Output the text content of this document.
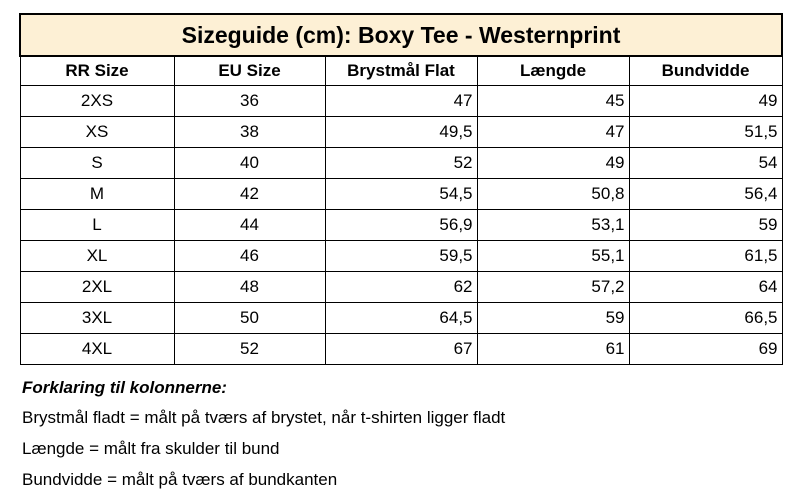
Sizeguide (cm): Boxy Tee - Westernprint				
RR Size	EU Size	Brystmål Flat	Længde	Bundvidde
2XS	36	47	45	49
XS	38	49,5	47	51,5
S	40	52	49	54
M	42	54,5	50,8	56,4
L	44	56,9	53,1	59
XL	46	59,5	55,1	61,5
2XL	48	62	57,2	64
3XL	50	64,5	59	66,5
4XL	52	67	61	69
Forklaring til kolonnerne:
Brystmål fladt = målt på tværs af brystet, når t-shirten ligger fladt
Længde = målt fra skulder til bund
Bundvidde = målt på tværs af bundkanten
